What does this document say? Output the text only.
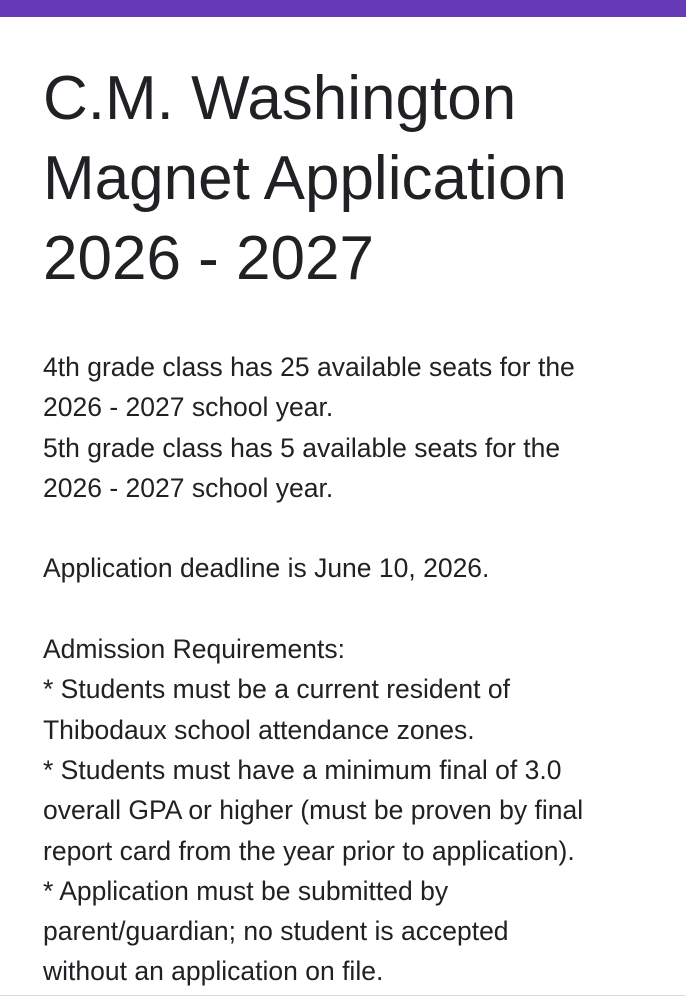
C.M. Washington
Magnet Application
2026 - 2027
4th grade class has 25 available seats for the
2026 - 2027 school year.
5th grade class has 5 available seats for the
2026 - 2027 school year.
Application deadline is June 10, 2026.
Admission Requirements:
* Students must be a current resident of
Thibodaux school attendance zones.
* Students must have a minimum final of 3.0
overall GPA or higher (must be proven by final
report card from the year prior to application).
* Application must be submitted by
parent/guardian; no student is accepted
without an application on file.
